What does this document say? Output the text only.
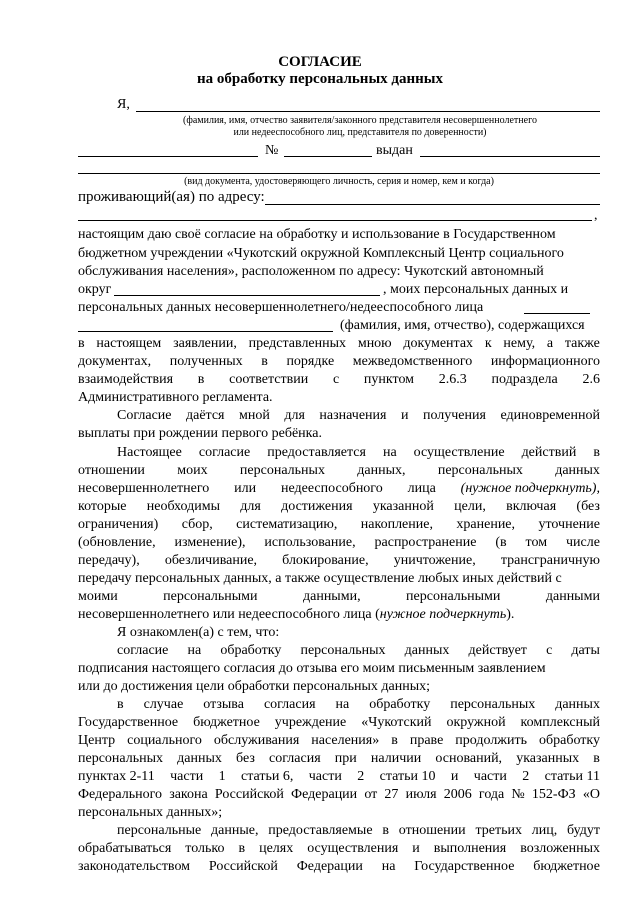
СОГЛАСИЕ
на обработку персональных данных
Я,
(фамилия, имя, отчество заявителя/законного представителя несовершеннолетнего
или недееспособного лиц, представителя по доверенности)
№	выдан
(вид документа, удостоверяющего личность, серия и номер, кем и когда)
проживающий(ая) по адресу:
,
настоящим даю своё согласие на обработку и использование в Государственном
бюджетном учреждении «Чукотский окружной Комплексный Центр социального
обслуживания населения», расположенном по адресу: Чукотский автономный
округ	, моих персональных данных и
персональных данных несовершеннолетнего/недееспособного лица
(фамилия, имя, отчество), содержащихся
в настоящем заявлении, представленных мною документах к нему, а также
документах, полученных в порядке межведомственного информационного
взаимодействия в соответствии с пунктом 2.6.3 подраздела 2.6
Административного регламента.
Согласие даётся мной для назначения и получения единовременной
выплаты при рождении первого ребёнка.
Настоящее согласие предоставляется на осуществление действий в
отношении моих персональных данных, персональных данных
несовершеннолетнего или недееспособного лица (нужное подчеркнуть),
которые необходимы для достижения указанной цели, включая (без
ограничения) сбор, систематизацию, накопление, хранение, уточнение
(обновление, изменение), использование, распространение (в том числе
передачу), обезличивание, блокирование, уничтожение, трансграничную
передачу персональных данных, а также осуществление любых иных действий с
моими	персональными	данными,	персональными	данными
несовершеннолетнего или недееспособного лица (нужное подчеркнуть).
Я ознакомлен(а) с тем, что:
согласие на обработку персональных данных действует с даты
подписания настоящего согласия до отзыва его моим письменным заявлением
или до достижения цели обработки персональных данных;
в случае отзыва согласия на обработку персональных данных
Государственное бюджетное учреждение «Чукотский окружной комплексный
Центр социального обслуживания населения» в праве продолжить обработку
персональных данных без согласия при наличии оснований, указанных в
пунктах 2-11 части 1 статьи 6, части 2 статьи 10 и части 2 статьи 11
Федерального закона Российской Федерации от 27 июля 2006 года № 152-ФЗ «О
персональных данных»;
персональные данные, предоставляемые в отношении третьих лиц, будут
обрабатываться только в целях осуществления и выполнения возложенных
законодательством Российской Федерации на Государственное бюджетное
